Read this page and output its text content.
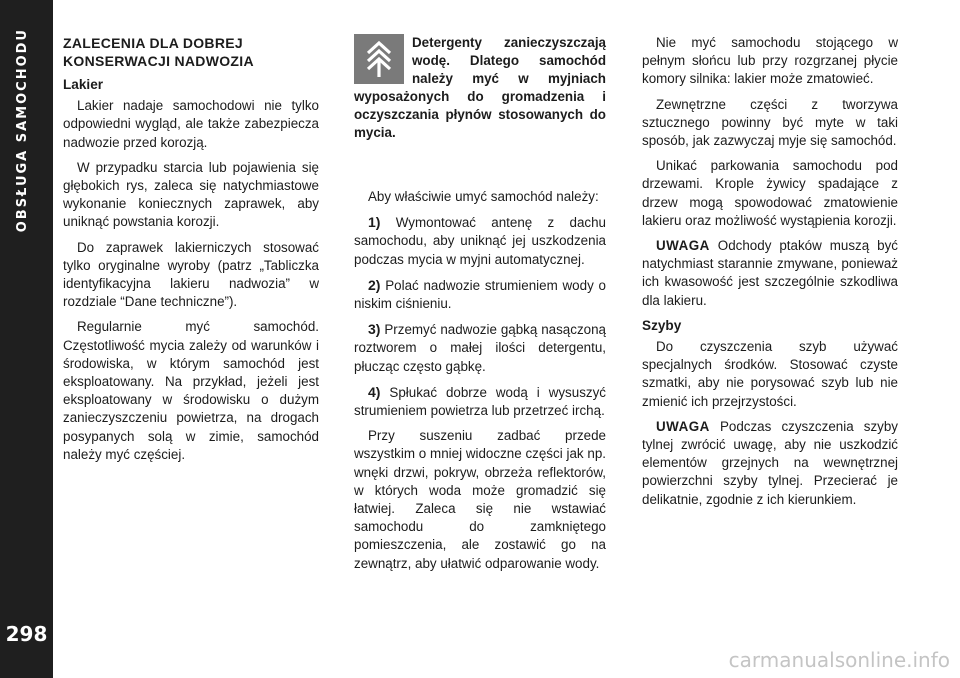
OBSŁUGA SAMOCHODU
298
ZALECENIA DLA DOBREJ KONSERWACJI NADWOZIA
Lakier

Lakier nadaje samochodowi nie tylko odpowiedni wygląd, ale także zabezpieczа nadwozie przed korozją.

W przypadku starcia lub pojawienia się głębokich rys, zaleca się natychmiastowe wykonanie koniecznych zaprawek, aby uniknąć powstania korozji.

Do zaprawek lakierniczych stosować tylko oryginalne wyroby (patrz „Tabliczka identyfikacyjna lakieru nadwozia” w rozdziale “Dane techniczne”).

Regularnie myć samochód. Częstotliwość mycia zależy od warunków i środowiska, w którym samochód jest eksploatowany. Na przykład, jeżeli jest eksploatowany w środowisku o dużym zanieczyszczeniu powietrza, na drogach posypanych solą w zimie, samochód należy myć częściej.

Detergenty zanieczyszczają wodę. Dlatego samochód należy myć w myjniach wyposażonych do gromadzenia i oczyszczania płynów stosowanych do mycia.

Aby właściwie umyć samochód należy:

1) Wymontować antenę z dachu samochodu, aby uniknąć jej uszkodzenia podczas mycia w myjni automatycznej.

2) Polać nadwozie strumieniem wody o niskim ciśnieniu.

3) Przemyć nadwozie gąbką nasączoną roztworem o małej ilości detergentu, płucząc często gąbkę.

4) Spłukać dobrze wodą i wysuszyć strumieniem powietrza lub przetrzeć irchą.

Przy suszeniu zadbać przede wszystkim o mniej widoczne części jak np. wnęki drzwi, pokryw, obrzeża reflektorów, w których woda może gromadzić się łatwiej. Zaleca się nie wstawiać samochodu do zamkniętego pomieszczenia, ale zostawić go na zewnątrz, aby ułatwić odparowanie wody.

Nie myć samochodu stojącego w pełnym słońcu lub przy rozgrzanej płycie komory silnika: lakier może zmatowieć.

Zewnętrzne części z tworzywa sztucznego powinny być myte w taki sposób, jak zazwyczaj myje się samochód.

Unikać parkowania samochodu pod drzewami. Krople żywicy spadające z drzew mogą spowodować zmatowienie lakieru oraz możliwość wystąpienia korozji.

UWAGA Odchody ptaków muszą być natychmiast starannie zmywane, ponieważ ich kwasowość jest szczególnie szkodliwa dla lakieru.

Szyby

Do czyszczenia szyb używać specjalnych środków. Stosować czyste szmatki, aby nie porysować szyb lub nie zmienić ich przejrzystości.

UWAGA Podczas czyszczenia szyby tylnej zwrócić uwagę, aby nie uszkodzić elementów grzejnych na wewnętrznej powierzchni szyby tylnej. Przecierać je delikatnie, zgodnie z ich kierunkiem.

carmanualsonline.info
